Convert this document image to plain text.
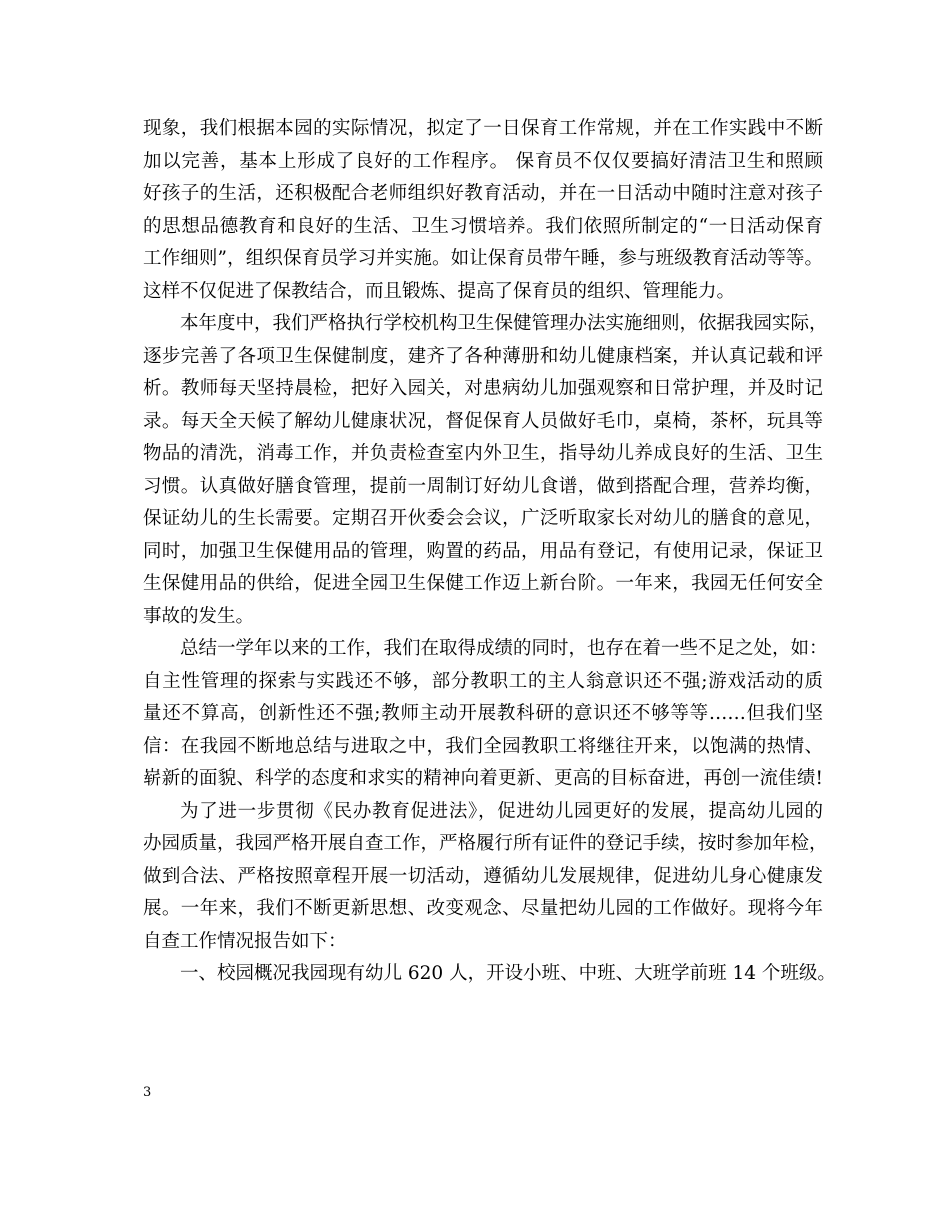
现象，我们根据本园的实际情况，拟定了一日保育工作常规，并在工作实践中不断
加以完善，基本上形成了良好的工作程序。 保育员不仅仅要搞好清洁卫生和照顾
好孩子的生活，还积极配合老师组织好教育活动，并在一日活动中随时注意对孩子
的思想品德教育和良好的生活、卫生习惯培养。我们依照所制定的“一日活动保育
工作细则”，组织保育员学习并实施。如让保育员带午睡，参与班级教育活动等等。
这样不仅促进了保教结合，而且锻炼、提高了保育员的组织、管理能力。
本年度中，我们严格执行学校机构卫生保健管理办法实施细则，依据我园实际，
逐步完善了各项卫生保健制度，建齐了各种薄册和幼儿健康档案，并认真记载和评
析。教师每天坚持晨检，把好入园关，对患病幼儿加强观察和日常护理，并及时记
录。每天全天候了解幼儿健康状况，督促保育人员做好毛巾，桌椅，茶杯，玩具等
物品的清洗，消毒工作，并负责检查室内外卫生，指导幼儿养成良好的生活、卫生
习惯。认真做好膳食管理，提前一周制订好幼儿食谱，做到搭配合理，营养均衡，
保证幼儿的生长需要。定期召开伙委会会议，广泛听取家长对幼儿的膳食的意见，
同时，加强卫生保健用品的管理，购置的药品，用品有登记，有使用记录，保证卫
生保健用品的供给，促进全园卫生保健工作迈上新台阶。一年来，我园无任何安全
事故的发生。
总结一学年以来的工作，我们在取得成绩的同时，也存在着一些不足之处，如：
自主性管理的探索与实践还不够，部分教职工的主人翁意识还不强;游戏活动的质
量还不算高，创新性还不强;教师主动开展教科研的意识还不够等等……但我们坚
信：在我园不断地总结与进取之中，我们全园教职工将继往开来，以饱满的热情、
崭新的面貌、科学的态度和求实的精神向着更新、更高的目标奋进，再创一流佳绩!
为了进一步贯彻《民办教育促进法》，促进幼儿园更好的发展，提高幼儿园的
办园质量，我园严格开展自查工作，严格履行所有证件的登记手续，按时参加年检，
做到合法、严格按照章程开展一切活动，遵循幼儿发展规律，促进幼儿身心健康发
展。一年来，我们不断更新思想、改变观念、尽量把幼儿园的工作做好。现将今年
自查工作情况报告如下：
一、校园概况我园现有幼儿 620 人，开设小班、中班、大班学前班 14 个班级。
3
